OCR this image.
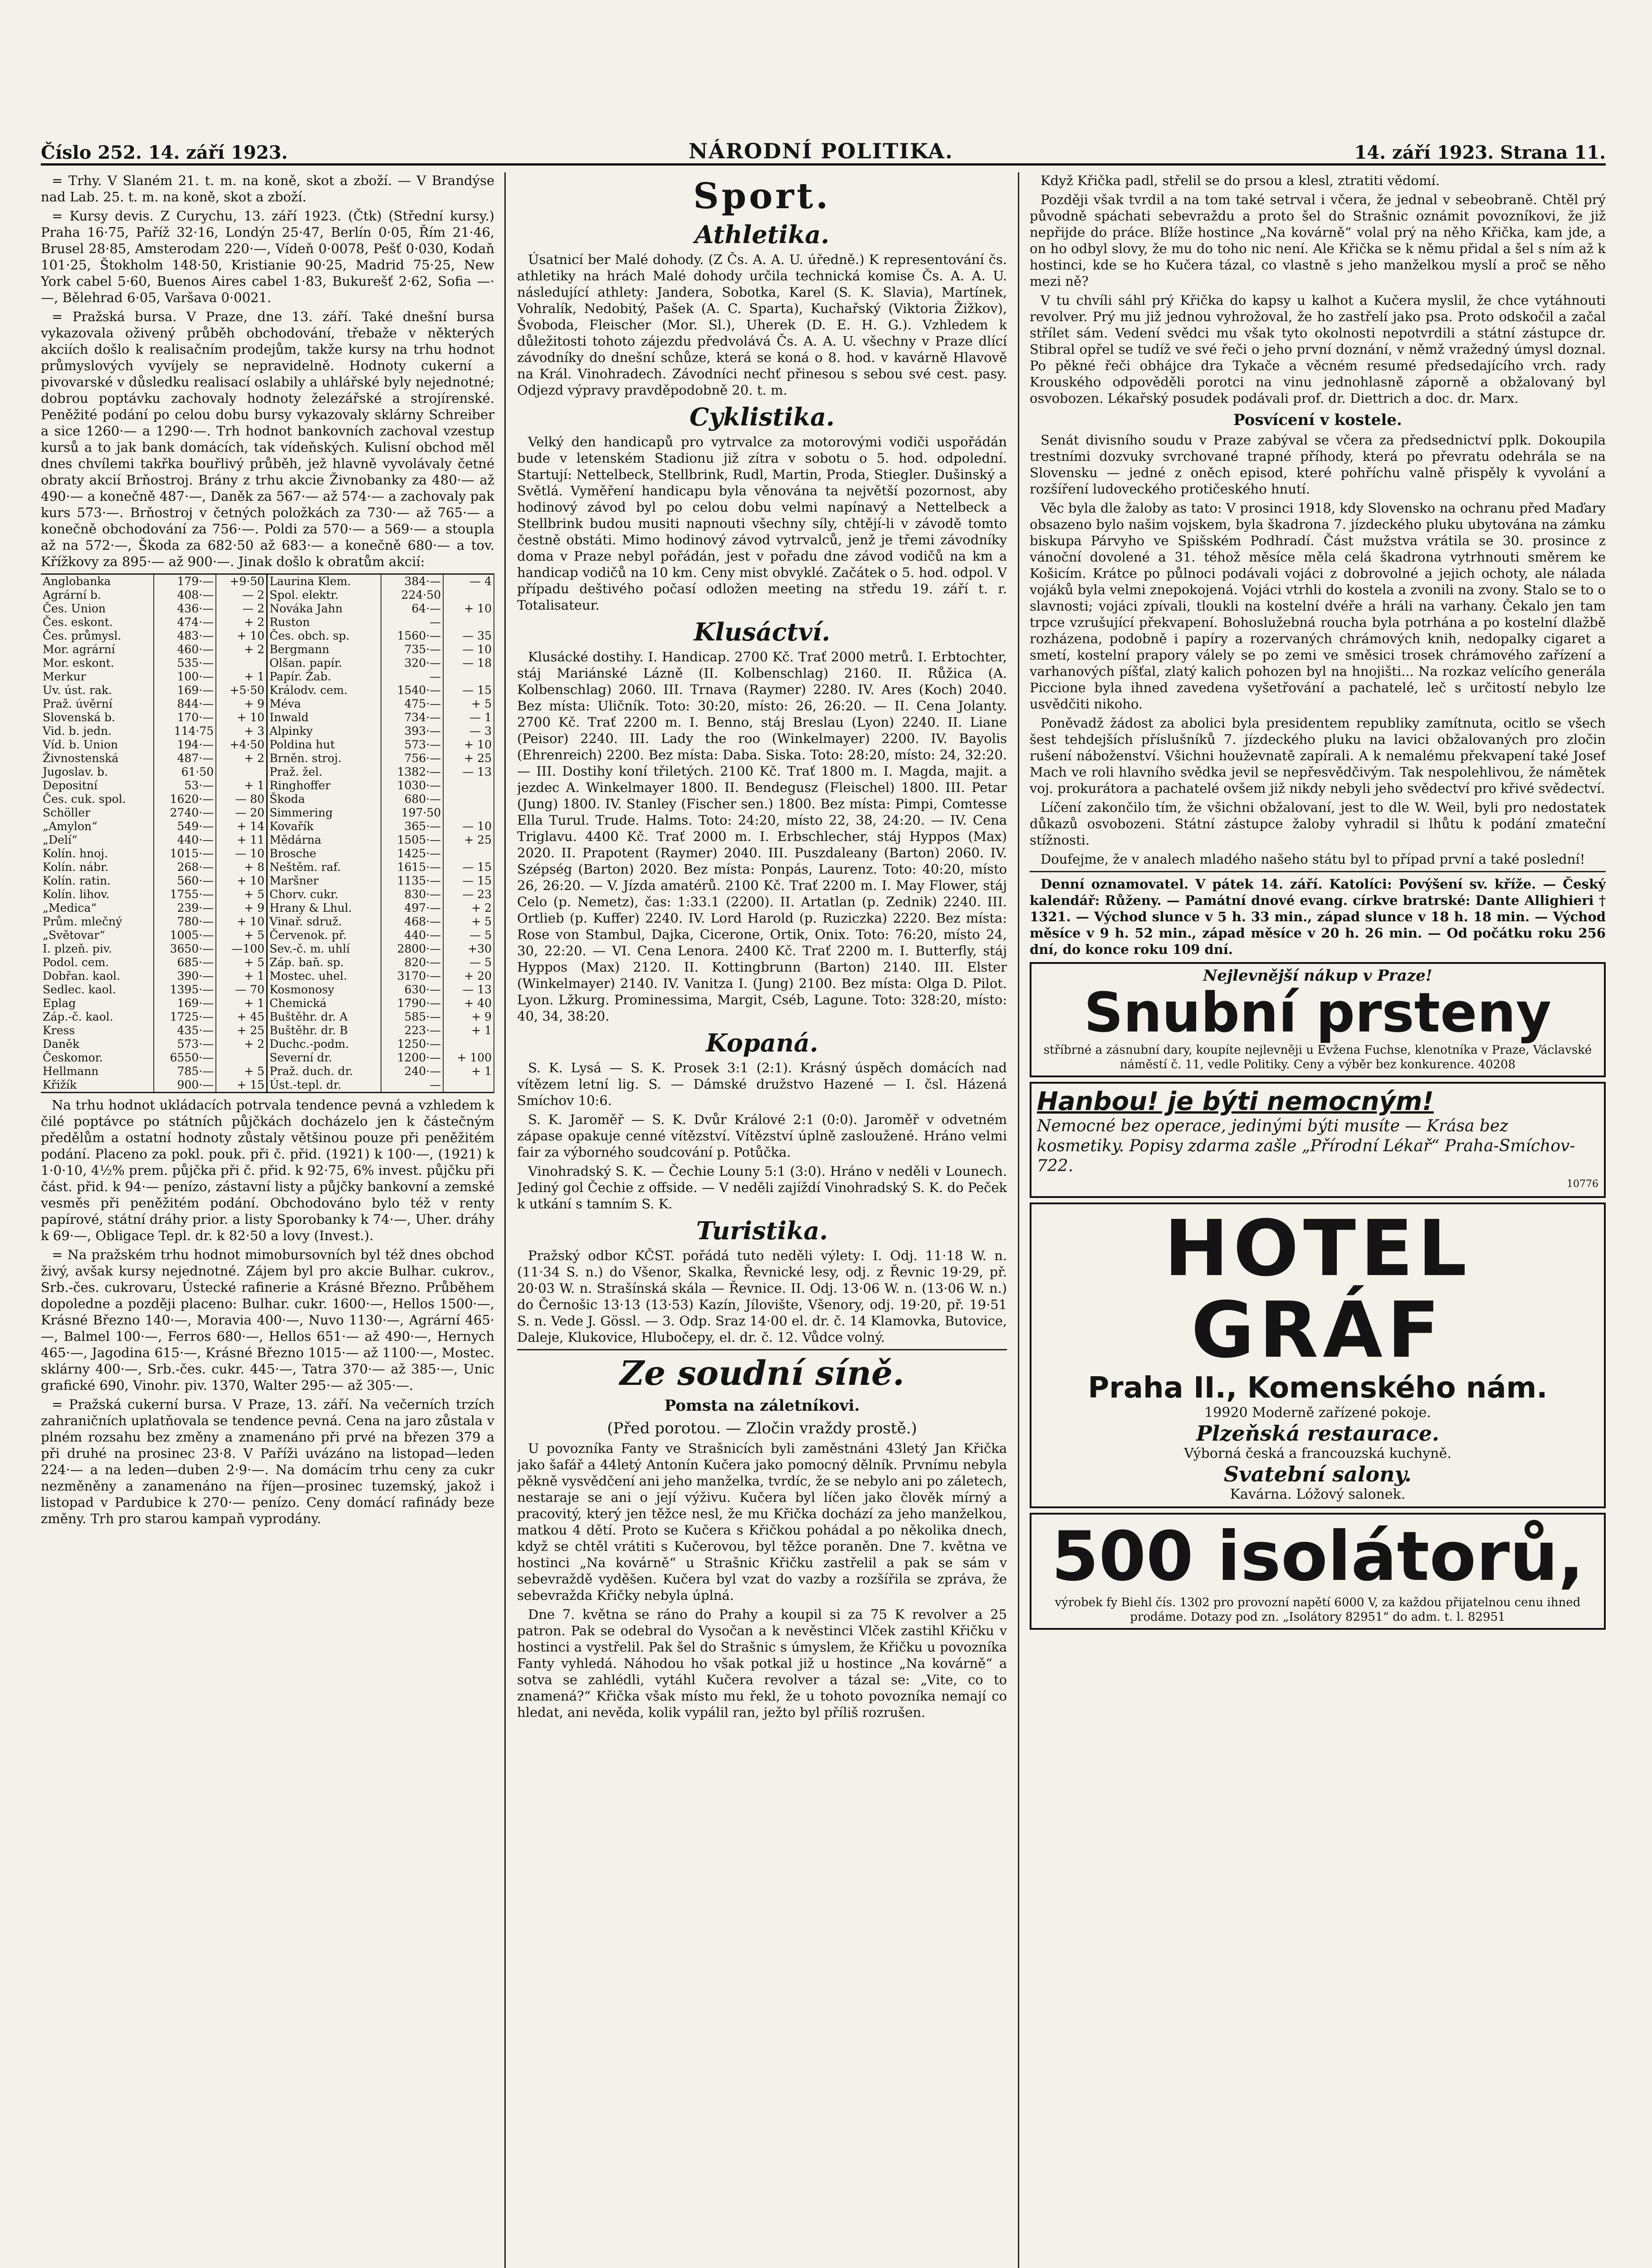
Číslo 252. 14. září 1923.	NÁRODNÍ POLITIKA.	14. září 1923. Strana 11.

= Trhy. V Slaném 21. t. m. na koně, skot a zboží. — V Brandýse nad Lab. 25. t. m. na koně, skot a zboží.

= Kursy devis. Z Curychu, 13. září 1923. (Čtk) (Střední kursy.) Praha 16·75, Paříž 32·16, Londýn 25·47, Berlín 0·05, Řím 21·46, Brusel 28·85, Amsterodam 220·—, Vídeň 0·0078, Pešť 0·030, Kodaň 101·25, Štokholm 148·50, Kristianie 90·25, Madrid 75·25, New York cabel 5·60, Buenos Aires cabel 1·83, Bukurešť 2·62, Sofia —·—, Bělehrad 6·05, Varšava 0·0021.

= Pražská bursa. V Praze, dne 13. září. Také dnešní bursa vykazovala oživený průběh obchodování, třebaže v některých akciích došlo k realisačním prodejům, takže kursy na trhu hodnot průmyslových vyvíjely se nepravidelně. Hodnoty cukerní a pivovarské v důsledku realisací oslabily a uhlářské byly nejednotné; dobrou poptávku zachovaly hodnoty železářské a strojírenské. Peněžité podání po celou dobu bursy vykazovaly sklárny Schreiber a sice 1260·— a 1290·—. Trh hodnot bankovních zachoval vzestup kursů a to jak bank domácích, tak vídeňských. Kulisní obchod měl dnes chvílemi takřka bouřlivý průběh, jež hlavně vyvolávaly četné obraty akcií Brňostroj. Brány z trhu akcie Živnobanky za 480·— až 490·— a konečně 487·—, Daněk za 567·— až 574·— a zachovaly pak kurs 573·—. Brňostroj v četných položkách za 730·— až 765·— a konečně obchodování za 756·—. Poldi za 570·— a 569·— a stoupla až na 572·—, Škoda za 682·50 až 683·— a konečně 680·— a tov. Křížkovy za 895·— až 900·—. Jinak došlo k obratům akcií:

Anglobanka	179·—	+9·50	Laurina Klem.	384·—	— 4
Agrární b.	408·—	— 2	Spol. elektr.	224·50	
Čes. Union	436·—	— 2	Nováka Jahn	64·—	+ 10
Čes. eskont.	474·—	+ 2	Ruston	—	
Čes. průmysl.	483·—	+ 10	Čes. obch. sp.	1560·—	— 35
Mor. agrární	460·—	+ 2	Bergmann	735·—	— 10
Mor. eskont.	535·—		Olšan. papír.	320·—	— 18
Merkur	100·—	+ 1	Papír. Žab.	—	
Uv. úst. rak.	169·—	+5·50	Králodv. cem.	1540·—	— 15
Praž. úvěrní	844·—	+ 9	Méva	475·—	+ 5
Slovenská b.	170·—	+ 10	Inwald	734·—	— 1
Vid. b. jedn.	114·75	+ 3	Alpinky	393·—	— 3
Víd. b. Union	194·—	+4·50	Poldina hut	573·—	+ 10
Živnostenská	487·—	+ 2	Brněn. stroj.	756·—	+ 25
Jugoslav. b.	61·50		Praž. žel.	1382·—	— 13
Depositní	53·—	+ 1	Ringhoffer	1030·—	
Čes. cuk. spol.	1620·—	— 80	Škoda	680·—	
Schöller	2740·—	— 20	Simmering	197·50	
„Amylon“	549·—	+ 14	Kovařík	365·—	— 10
„Delí“	440·—	+ 11	Mědárna	1505·—	+ 25
Kolín. hnoj.	1015·—	— 10	Brosche	1425·—	
Kolín. nábr.	268·—	+ 8	Neštěm. raf.	1615·—	— 15
Kolín. ratin.	560·—	+ 10	Maršner	1135·—	— 15
Kolín. lihov.	1755·—	+ 5	Chorv. cukr.	830·—	— 23
„Medica“	239·—	+ 9	Hrany & Lhul.	497·—	+ 2
Prům. mlečný	780·—	+ 10	Vinař. sdruž.	468·—	+ 5
„Světovar“	1005·—	+ 5	Červenok. př.	440·—	— 5
I. plzeň. piv.	3650·—	—100	Sev.-č. m. uhlí	2800·—	+30
Podol. cem.	685·—	+ 5	Záp. baň. sp.	820·—	— 5
Dobřan. kaol.	390·—	+ 1	Mostec. uhel.	3170·—	+ 20
Sedlec. kaol.	1395·—	— 70	Kosmonosy	630·—	— 13
Eplag	169·—	+ 1	Chemická	1790·—	+ 40
Záp.-č. kaol.	1725·—	+ 45	Buštěhr. dr. A	585·—	+ 9
Kress	435·—	+ 25	Buštěhr. dr. B	223·—	+ 1
Daněk	573·—	+ 2	Duchc.-podm.	1250·—	
Českomor.	6550·—		Severní dr.	1200·—	+ 100
Hellmann	785·—	+ 5	Praž. duch. dr.	240·—	+ 1
Křižík	900·—	+ 15	Úst.-tepl. dr.	—	

Na trhu hodnot ukládacích potrvala tendence pevná a vzhledem k čilé poptávce po státních půjčkách docházelo jen k částečným předělům a ostatní hodnoty zůstaly většinou pouze při peněžitém podání. Placeno za pokl. pouk. při č. přid. (1921) k 100·—, (1921) k 1·0·10, 4½% prem. půjčka při č. přid. k 92·75, 6% invest. půjčku při část. přid. k 94·— penízo, zástavní listy a půjčky bankovní a zemské vesměs při peněžitém podání. Obchodováno bylo též v renty papírové, státní dráhy prior. a listy Sporobanky k 74·—, Uher. dráhy k 69·—, Obligace Tepl. dr. k 82·50 a lovy (Invest.).

= Na pražském trhu hodnot mimobursovních byl též dnes obchod živý, avšak kursy nejednotné. Zájem byl pro akcie Bulhar. cukrov., Srb.-čes. cukrovaru, Ústecké rafinerie a Krásné Březno. Průběhem dopoledne a později placeno: Bulhar. cukr. 1600·—, Hellos 1500·—, Krásné Březno 140·—, Moravia 400·—, Nuvo 1130·—, Agrární 465·—, Balmel 100·—, Ferros 680·—, Hellos 651·— až 490·—, Hernych 465·—, Jagodina 615·—, Krásné Březno 1015·— až 1100·—, Mostec. sklárny 400·—, Srb.-čes. cukr. 445·—, Tatra 370·— až 385·—, Unic grafické 690, Vinohr. piv. 1370, Walter 295·— až 305·—.

= Pražská cukerní bursa. V Praze, 13. září. Na večerních trzích zahraničních uplatňovala se tendence pevná. Cena na jaro zůstala v plném rozsahu bez změny a znamenáno při prvé na březen 379 a při druhé na prosinec 23·8. V Paříži uvázáno na listopad—leden 224·— a na leden—duben 2·9·—. Na domácím trhu ceny za cukr nezměněny a zanamenáno na říjen—prosinec tuzemský, jakož i listopad v Pardubice k 270·— penízo. Ceny domácí rafinády beze změny. Trh pro starou kampaň vyprodány.

Sport.
Athletika.

Úsatnicí ber Malé dohody. (Z Čs. A. A. U. úředně.) K representování čs. athletiky na hrách Malé dohody určila technická komise Čs. A. A. U. následující athlety: Jandera, Sobotka, Karel (S. K. Slavia), Martínek, Vohralík, Nedobitý, Pašek (A. C. Sparta), Kuchařský (Viktoria Žižkov), Švoboda, Fleischer (Mor. Sl.), Uherek (D. E. H. G.). Vzhledem k důležitosti tohoto zájezdu předvolává Čs. A. A. U. všechny v Praze dlící závodníky do dnešní schůze, která se koná o 8. hod. v kavárně Hlavově na Král. Vinohradech. Závodníci nechť přinesou s sebou své cest. pasy. Odjezd výpravy pravděpodobně 20. t. m.

Cyklistika.

Velký den handicapů pro vytrvalce za motorovými vodiči uspořádán bude v letenském Stadionu již zítra v sobotu o 5. hod. odpolední. Startují: Nettelbeck, Stellbrink, Rudl, Martin, Proda, Stiegler. Dušinský a Světlá. Vyměření handicapu byla věnována ta největší pozornost, aby hodinový závod byl po celou dobu velmi napínavý a Nettelbeck a Stellbrink budou musiti napnouti všechny síly, chtějí-li v závodě tomto čestně obstáti. Mimo hodinový závod vytrvalců, jenž je třemi závodníky doma v Praze nebyl pořádán, jest v pořadu dne závod vodičů na km a handicap vodičů na 10 km. Ceny mist obvyklé. Začátek o 5. hod. odpol. V případu deštivého počasí odložen meeting na středu 19. září t. r. Totalisateur.

Klusáctví.

Klusácké dostihy. I. Handicap. 2700 Kč. Trať 2000 metrů. I. Erbtochter, stáj Mariánské Lázně (II. Kolbenschlag) 2160. II. Růžica (A. Kolbenschlag) 2060. III. Trnava (Raymer) 2280. IV. Ares (Koch) 2040. Bez místa: Uličník. Toto: 30:20, místo: 26, 26:20. — II. Cena Jolanty. 2700 Kč. Trať 2200 m. I. Benno, stáj Breslau (Lyon) 2240. II. Liane (Peisor) 2240. III. Lady the roo (Winkelmayer) 2200. IV. Bayolis (Ehrenreich) 2200. Bez místa: Daba. Siska. Toto: 28:20, místo: 24, 32:20. — III. Dostihy koní třiletých. 2100 Kč. Trať 1800 m. I. Magda, majit. a jezdec A. Winkelmayer 1800. II. Bendegusz (Fleischel) 1800. III. Petar (Jung) 1800. IV. Stanley (Fischer sen.) 1800. Bez místa: Pimpi, Comtesse Ella Turul. Trude. Halms. Toto: 24:20, místo 22, 38, 24:20. — IV. Cena Triglavu. 4400 Kč. Trať 2000 m. I. Erbschlecher, stáj Hyppos (Max) 2020. II. Prapotent (Raymer) 2040. III. Puszdaleany (Barton) 2060. IV. Szépség (Barton) 2020. Bez místa: Ponpás, Laurenz. Toto: 40:20, místo 26, 26:20. — V. Jízda amatérů. 2100 Kč. Trať 2200 m. I. May Flower, stáj Celo (p. Nemetz), čas: 1:33.1 (2200). II. Artatlan (p. Zednik) 2240. III. Ortlieb (p. Kuffer) 2240. IV. Lord Harold (p. Ruziczka) 2220. Bez místa: Rose von Stambul, Dajka, Cicerone, Ortik, Onix. Toto: 76:20, místo 24, 30, 22:20. — VI. Cena Lenora. 2400 Kč. Trať 2200 m. I. Butterfly, stáj Hyppos (Max) 2120. II. Kottingbrunn (Barton) 2140. III. Elster (Winkelmayer) 2140. IV. Vanitza I. (Jung) 2100. Bez místa: Olga D. Pilot. Lyon. Lžkurg. Prominessima, Margit, Cséb, Lagune. Toto: 328:20, místo: 40, 34, 38:20.

Kopaná.

S. K. Lysá — S. K. Prosek 3:1 (2:1). Krásný úspěch domácích nad vítězem letní lig. S. — Dámské družstvo Hazené — I. čsl. Házená Smíchov 10:6.

S. K. Jaroměř — S. K. Dvůr Králové 2:1 (0:0). Jaroměř v odvetném zápase opakuje cenné vítězství. Vítězství úplně zasloužené. Hráno velmi fair za výborného soudcování p. Potůčka.

Vinohradský S. K. — Čechie Louny 5:1 (3:0). Hráno v neděli v Lounech. Jediný gol Čechie z offside. — V neděli zajíždí Vinohradský S. K. do Peček k utkání s tamním S. K.

Turistika.

Pražský odbor KČST. pořádá tuto neděli výlety: I. Odj. 11·18 W. n. (11·34 S. n.) do Všenor, Skalka, Řevnické lesy, odj. z Řevnic 19·29, př. 20·03 W. n. Strašínská skála — Řevnice. II. Odj. 13·06 W. n. (13·06 W. n.) do Černošic 13·13 (13·53) Kazín, Jílovište, Všenory, odj. 19·20, př. 19·51 S. n. Vede J. Gössl. — 3. Odp. Sraz 14·00 el. dr. č. 14 Klamovka, Butovice, Daleje, Klukovice, Hlubočepy, el. dr. č. 12. Vůdce volný.

Ze soudní síně.
Pomsta na záletníkovi.
(Před porotou. — Zločin vraždy prostě.)

U povozníka Fanty ve Strašnicích byli zaměstnáni 43letý Jan Křička jako šafář a 44letý Antonín Kučera jako pomocný dělník. Prvnímu nebyla pěkně vysvědčení ani jeho manželka, tvrdíc, že se nebylo ani po záletech, nestaraje se ani o její výživu. Kučera byl líčen jako člověk mírný a pracovitý, který jen těžce nesl, že mu Křička dochází za jeho manželkou, matkou 4 dětí. Proto se Kučera s Křičkou pohádal a po několika dnech, když se chtěl vrátiti s Kučerovou, byl těžce poraněn. Dne 7. května ve hostinci „Na kovárně“ u Strašnic Křičku zastřelil a pak se sám v sebevraždě vyděšen. Kučera byl vzat do vazby a rozšířila se zpráva, že sebevražda Křičky nebyla úplná.

Dne 7. května se ráno do Prahy a koupil si za 75 K revolver a 25 patron. Pak se odebral do Vysočan a k nevěstinci Vlček zastihl Křičku v hostinci a vystřelil. Pak šel do Strašnic s úmyslem, že Křičku u povozníka Fanty vyhledá. Náhodou ho však potkal již u hostince „Na kovárně“ a sotva se zahlédli, vytáhl Kučera revolver a tázal se: „Vite, co to znamená?“ Křička však místo mu řekl, že u tohoto povozníka nemají co hledat, ani nevěda, kolik vypálil ran, ježto byl příliš rozrušen.

Když Křička padl, střelil se do prsou a klesl, ztratiti vědomí.

Později však tvrdil a na tom také setrval i včera, že jednal v sebeobraně. Chtěl prý původně spáchati sebevraždu a proto šel do Strašnic oznámit povozníkovi, že již nepřijde do práce. Blíže hostince „Na kovárně“ volal prý na něho Křička, kam jde, a on ho odbyl slovy, že mu do toho nic není. Ale Křička se k němu přidal a šel s ním až k hostinci, kde se ho Kučera tázal, co vlastně s jeho manželkou myslí a proč se něho mezi ně?

V tu chvíli sáhl prý Křička do kapsy u kalhot a Kučera myslil, že chce vytáhnouti revolver. Prý mu již jednou vyhrožoval, že ho zastřelí jako psa. Proto odskočil a začal střílet sám. Vedení svědci mu však tyto okolnosti nepotvrdili a státní zástupce dr. Stibral opřel se tudíž ve své řeči o jeho první doznání, v němž vražedný úmysl doznal. Po pěkné řeči obhájce dra Tykače a věcném resumé předsedajícího vrch. rady Krouského odpověděli porotci na vinu jednohlasně záporně a obžalovaný byl osvobozen. Lékařský posudek podávali prof. dr. Diettrich a doc. dr. Marx.

Posvícení v kostele.

Senát divisního soudu v Praze zabýval se včera za předsednictví pplk. Dokoupila trestními dozvuky svrchované trapné příhody, která po převratu odehrála se na Slovensku — jedné z oněch episod, které pohříchu valně přispěly k vyvolání a rozšíření ludoveckého protičeského hnutí.

Věc byla dle žaloby as tato: V prosinci 1918, kdy Slovensko na ochranu před Maďary obsazeno bylo našim vojskem, byla škadrona 7. jízdeckého pluku ubytována na zámku biskupa Párvyho ve Spišském Podhradí. Část mužstva vrátila se 30. prosince z vánoční dovolené a 31. téhož měsíce měla celá škadrona vytrhnouti směrem ke Košicím. Krátce po půlnoci podávali vojáci z dobrovolné a jejich ochoty, ale nálada vojáků byla velmi znepokojená. Vojáci vtrhli do kostela a zvonili na zvony. Stalo se to o slavnosti; vojáci zpívali, tloukli na kostelní dvéře a hráli na varhany. Čekalo jen tam trpce vzrušující překvapení. Bohoslužebná roucha byla potrhána a po kostelní dlažbě rozházena, podobně i papíry a rozervaných chrámových knih, nedopalky cigaret a smetí, kostelní prapory válely se po zemi ve směsici trosek chrámového zařízení a varhanových píšťal, zlatý kalich pohozen byl na hnojišti... Na rozkaz velícího generála Piccione byla ihned zavedena vyšetřování a pachatelé, leč s určitostí nebylo lze usvědčiti nikoho.

Poněvadž žádost za abolici byla presidentem republiky zamítnuta, ocitlo se všech šest tehdejších příslušníků 7. jízdeckého pluku na lavici obžalovaných pro zločin rušení náboženství. Všichni houževnatě zapírali. A k nemalému překvapení také Josef Mach ve roli hlavního svědka jevil se nepřesvědčivým. Tak nespolehlivou, že námětek voj. prokurátora a pachatelé ovšem již nikdy nebyli jeho svědectví pro křivé svědectví.

Líčení zakončilo tím, že všichni obžalovaní, jest to dle W. Weil, byli pro nedostatek důkazů osvobozeni. Státní zástupce žaloby vyhradil si lhůtu k podání zmateční stížnosti.

Doufejme, že v analech mladého našeho státu byl to případ první a také poslední!

Denní oznamovatel. V pátek 14. září. Katolíci: Povýšení sv. kříže. — Český kalendář: Růženy. — Památní dnové evang. církve bratrské: Dante Allighieri † 1321. — Východ slunce v 5 h. 33 min., západ slunce v 18 h. 18 min. — Východ měsíce v 9 h. 52 min., západ měsíce v 20 h. 26 min. — Od počátku roku 256 dní, do konce roku 109 dní.

Nejlevnější nákup v Praze!
Snubní prsteny
stříbrné a zásnubní dary, koupíte nejlevněji u Evžena Fuchse, klenotníka v Praze, Václavské náměstí č. 11, vedle Politiky. Ceny a výběr bez konkurence. 40208
Hanbou! je býti nemocným!
Nemocné bez operace, jedinými býti musíte — Krása bez kosmetiky. Popisy zdarma zašle „Přírodní Lékař“ Praha-Smíchov-722.
10776
HOTEL GRÁF
Praha II., Komenského nám.
19920 Moderně zařízené pokoje.
Plzeňská restaurace.
Výborná česká a francouzská kuchyně.
Svatební salony.
Kavárna. Lóžový salonek.
500 isolátorů,
výrobek fy Biehl čís. 1302 pro provozní napětí 6000 V, za každou přijatelnou cenu ihned prodáme. Dotazy pod zn. „Isolátory 82951“ do adm. t. l. 82951
